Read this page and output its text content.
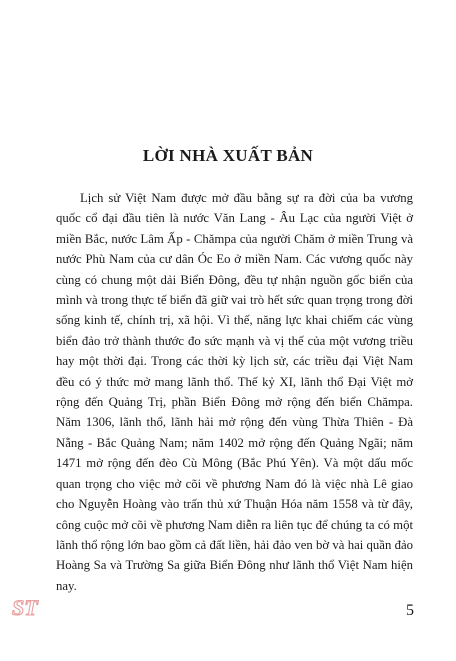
LỜI NHÀ XUẤT BẢN

Lịch sử Việt Nam được mở đầu bằng sự ra đời của ba vương quốc cổ đại đầu tiên là nước Văn Lang - Âu Lạc của người Việt ở miền Bắc, nước Lâm Ấp - Chămpa của người Chăm ở miền Trung và nước Phù Nam của cư dân Óc Eo ở miền Nam. Các vương quốc này cùng có chung một dải Biển Đông, đều tự nhận nguồn gốc biển của mình và trong thực tế biển đã giữ vai trò hết sức quan trọng trong đời sống kinh tế, chính trị, xã hội. Vì thế, năng lực khai chiếm các vùng biển đảo trở thành thước đo sức mạnh và vị thế của một vương triều hay một thời đại. Trong các thời kỳ lịch sử, các triều đại Việt Nam đều có ý thức mở mang lãnh thổ. Thế kỷ XI, lãnh thổ Đại Việt mở rộng đến Quảng Trị, phần Biển Đông mở rộng đến biển Chămpa. Năm 1306, lãnh thổ, lãnh hải mở rộng đến vùng Thừa Thiên - Đà Nẵng - Bắc Quảng Nam; năm 1402 mở rộng đến Quảng Ngãi; năm 1471 mở rộng đến đèo Cù Mông (Bắc Phú Yên). Và một dấu mốc quan trọng cho việc mở cõi về phương Nam đó là việc nhà Lê giao cho Nguyễn Hoàng vào trấn thủ xứ Thuận Hóa năm 1558 và từ đây, công cuộc mở cõi về phương Nam diễn ra liên tục để chúng ta có một lãnh thổ rộng lớn bao gồm cả đất liền, hải đảo ven bờ và hai quần đảo Hoàng Sa và Trường Sa giữa Biển Đông như lãnh thổ Việt Nam hiện nay.

ST	5
